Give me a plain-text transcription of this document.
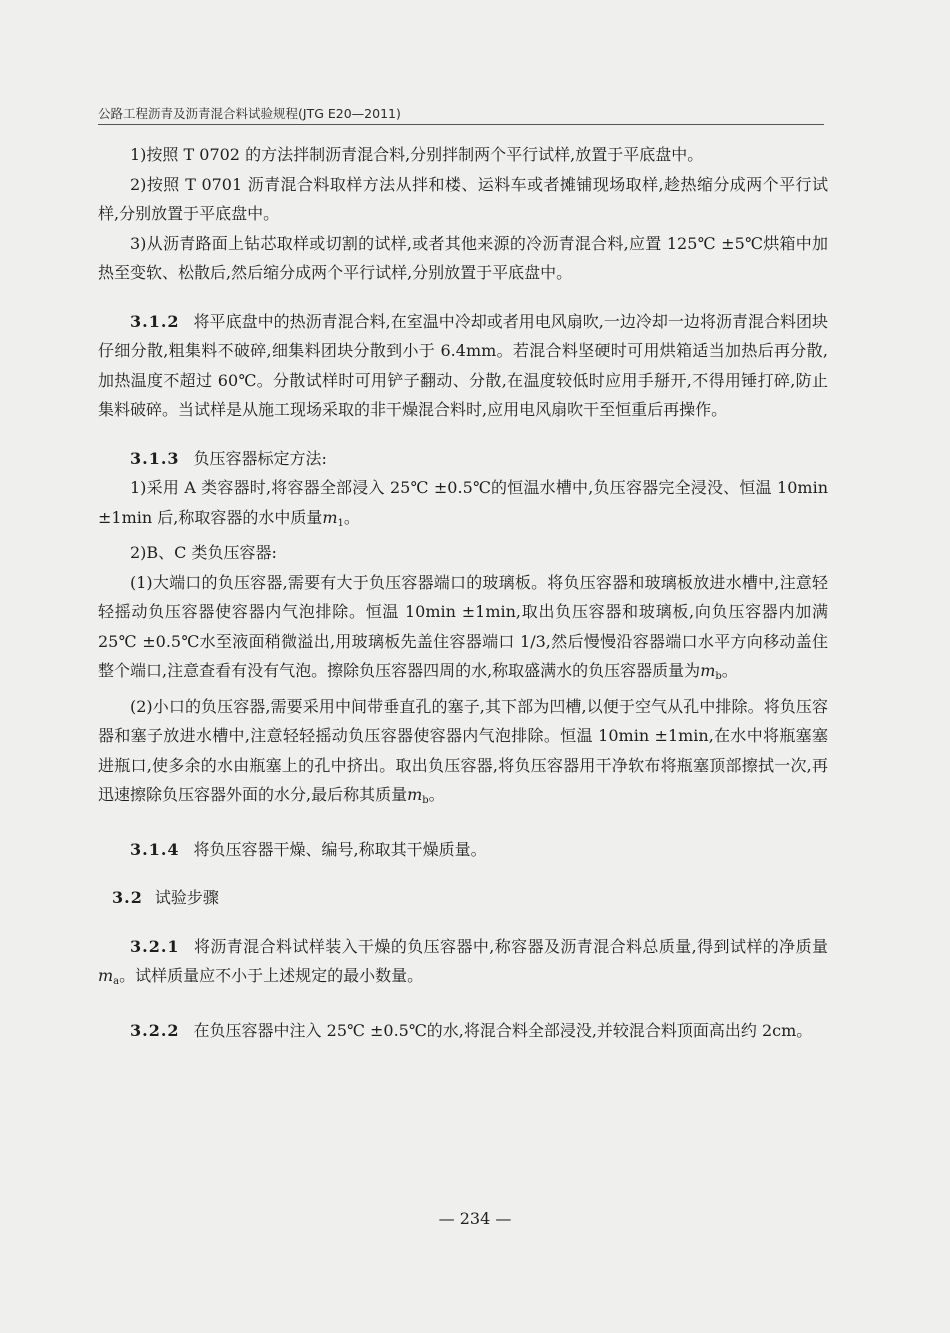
公路工程沥青及沥青混合料试验规程(JTG E20—2011)

1)按照 T 0702 的方法拌制沥青混合料,分别拌制两个平行试样,放置于平底盘中。

2)按照 T 0701 沥青混合料取样方法从拌和楼、运料车或者摊铺现场取样,趁热缩分成两个平行试样,分别放置于平底盘中。

3)从沥青路面上钻芯取样或切割的试样,或者其他来源的冷沥青混合料,应置 125℃ ±5℃烘箱中加热至变软、松散后,然后缩分成两个平行试样,分别放置于平底盘中。

3.1.2 将平底盘中的热沥青混合料,在室温中冷却或者用电风扇吹,一边冷却一边将沥青混合料团块仔细分散,粗集料不破碎,细集料团块分散到小于 6.4mm。若混合料坚硬时可用烘箱适当加热后再分散,加热温度不超过 60℃。分散试样时可用铲子翻动、分散,在温度较低时应用手掰开,不得用锤打碎,防止集料破碎。当试样是从施工现场采取的非干燥混合料时,应用电风扇吹干至恒重后再操作。

3.1.3 负压容器标定方法:

1)采用 A 类容器时,将容器全部浸入 25℃ ±0.5℃的恒温水槽中,负压容器完全浸没、恒温 10min ±1min 后,称取容器的水中质量$m_1$。

2)B、C 类负压容器:

(1)大端口的负压容器,需要有大于负压容器端口的玻璃板。将负压容器和玻璃板放进水槽中,注意轻轻摇动负压容器使容器内气泡排除。恒温 10min ±1min,取出负压容器和玻璃板,向负压容器内加满 25℃ ±0.5℃水至液面稍微溢出,用玻璃板先盖住容器端口 1/3,然后慢慢沿容器端口水平方向移动盖住整个端口,注意查看有没有气泡。擦除负压容器四周的水,称取盛满水的负压容器质量为$m_b$。

(2)小口的负压容器,需要采用中间带垂直孔的塞子,其下部为凹槽,以便于空气从孔中排除。将负压容器和塞子放进水槽中,注意轻轻摇动负压容器使容器内气泡排除。恒温 10min ±1min,在水中将瓶塞塞进瓶口,使多余的水由瓶塞上的孔中挤出。取出负压容器,将负压容器用干净软布将瓶塞顶部擦拭一次,再迅速擦除负压容器外面的水分,最后称其质量$m_b$。

3.1.4 将负压容器干燥、编号,称取其干燥质量。

3.2 试验步骤

3.2.1 将沥青混合料试样装入干燥的负压容器中,称容器及沥青混合料总质量,得到试样的净质量$m_a$。试样质量应不小于上述规定的最小数量。

3.2.2 在负压容器中注入 25℃ ±0.5℃的水,将混合料全部浸没,并较混合料顶面高出约 2cm。

— 234 —
